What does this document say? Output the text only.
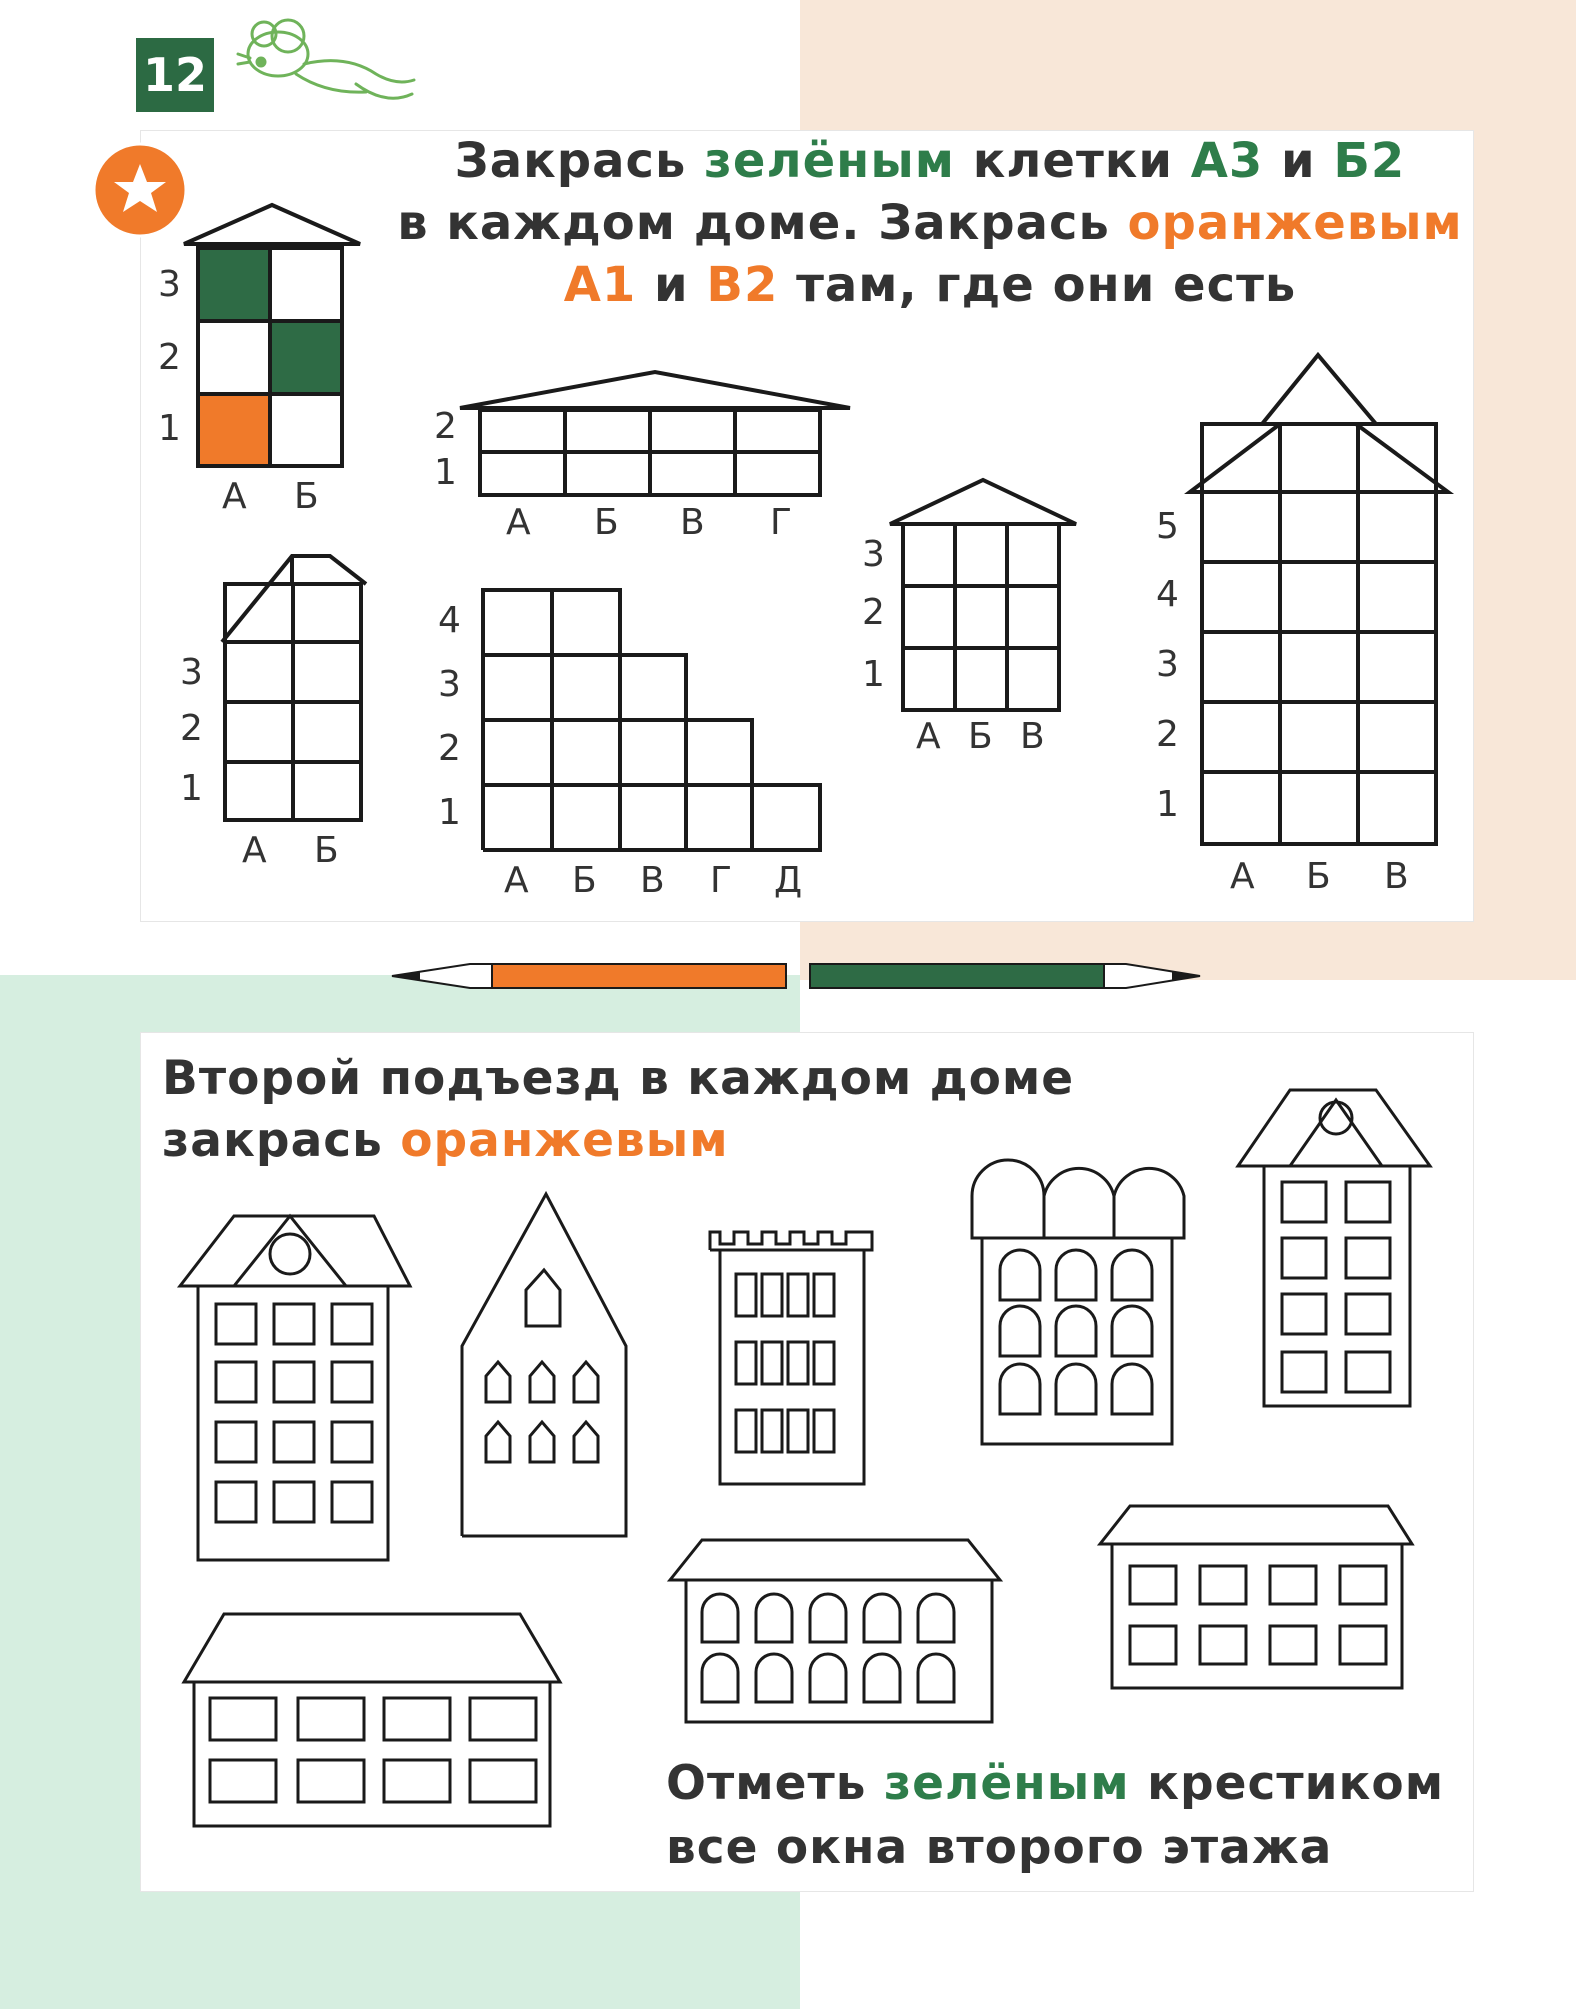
12
Закрась зелёным клетки А3 и Б2
в каждом доме. Закрась оранжевым
А1 и В2 там, где они есть
3
2
1
А Б
2
1
А Б В Г
3
2
1
А Б В
5
4
3
2
1
А Б В
3
2
1
А Б
4
3
2
1
А Б В Г Д
Второй подъезд в каждом доме
закрась оранжевым
Отметь зелёным крестиком
все окна второго этажа
